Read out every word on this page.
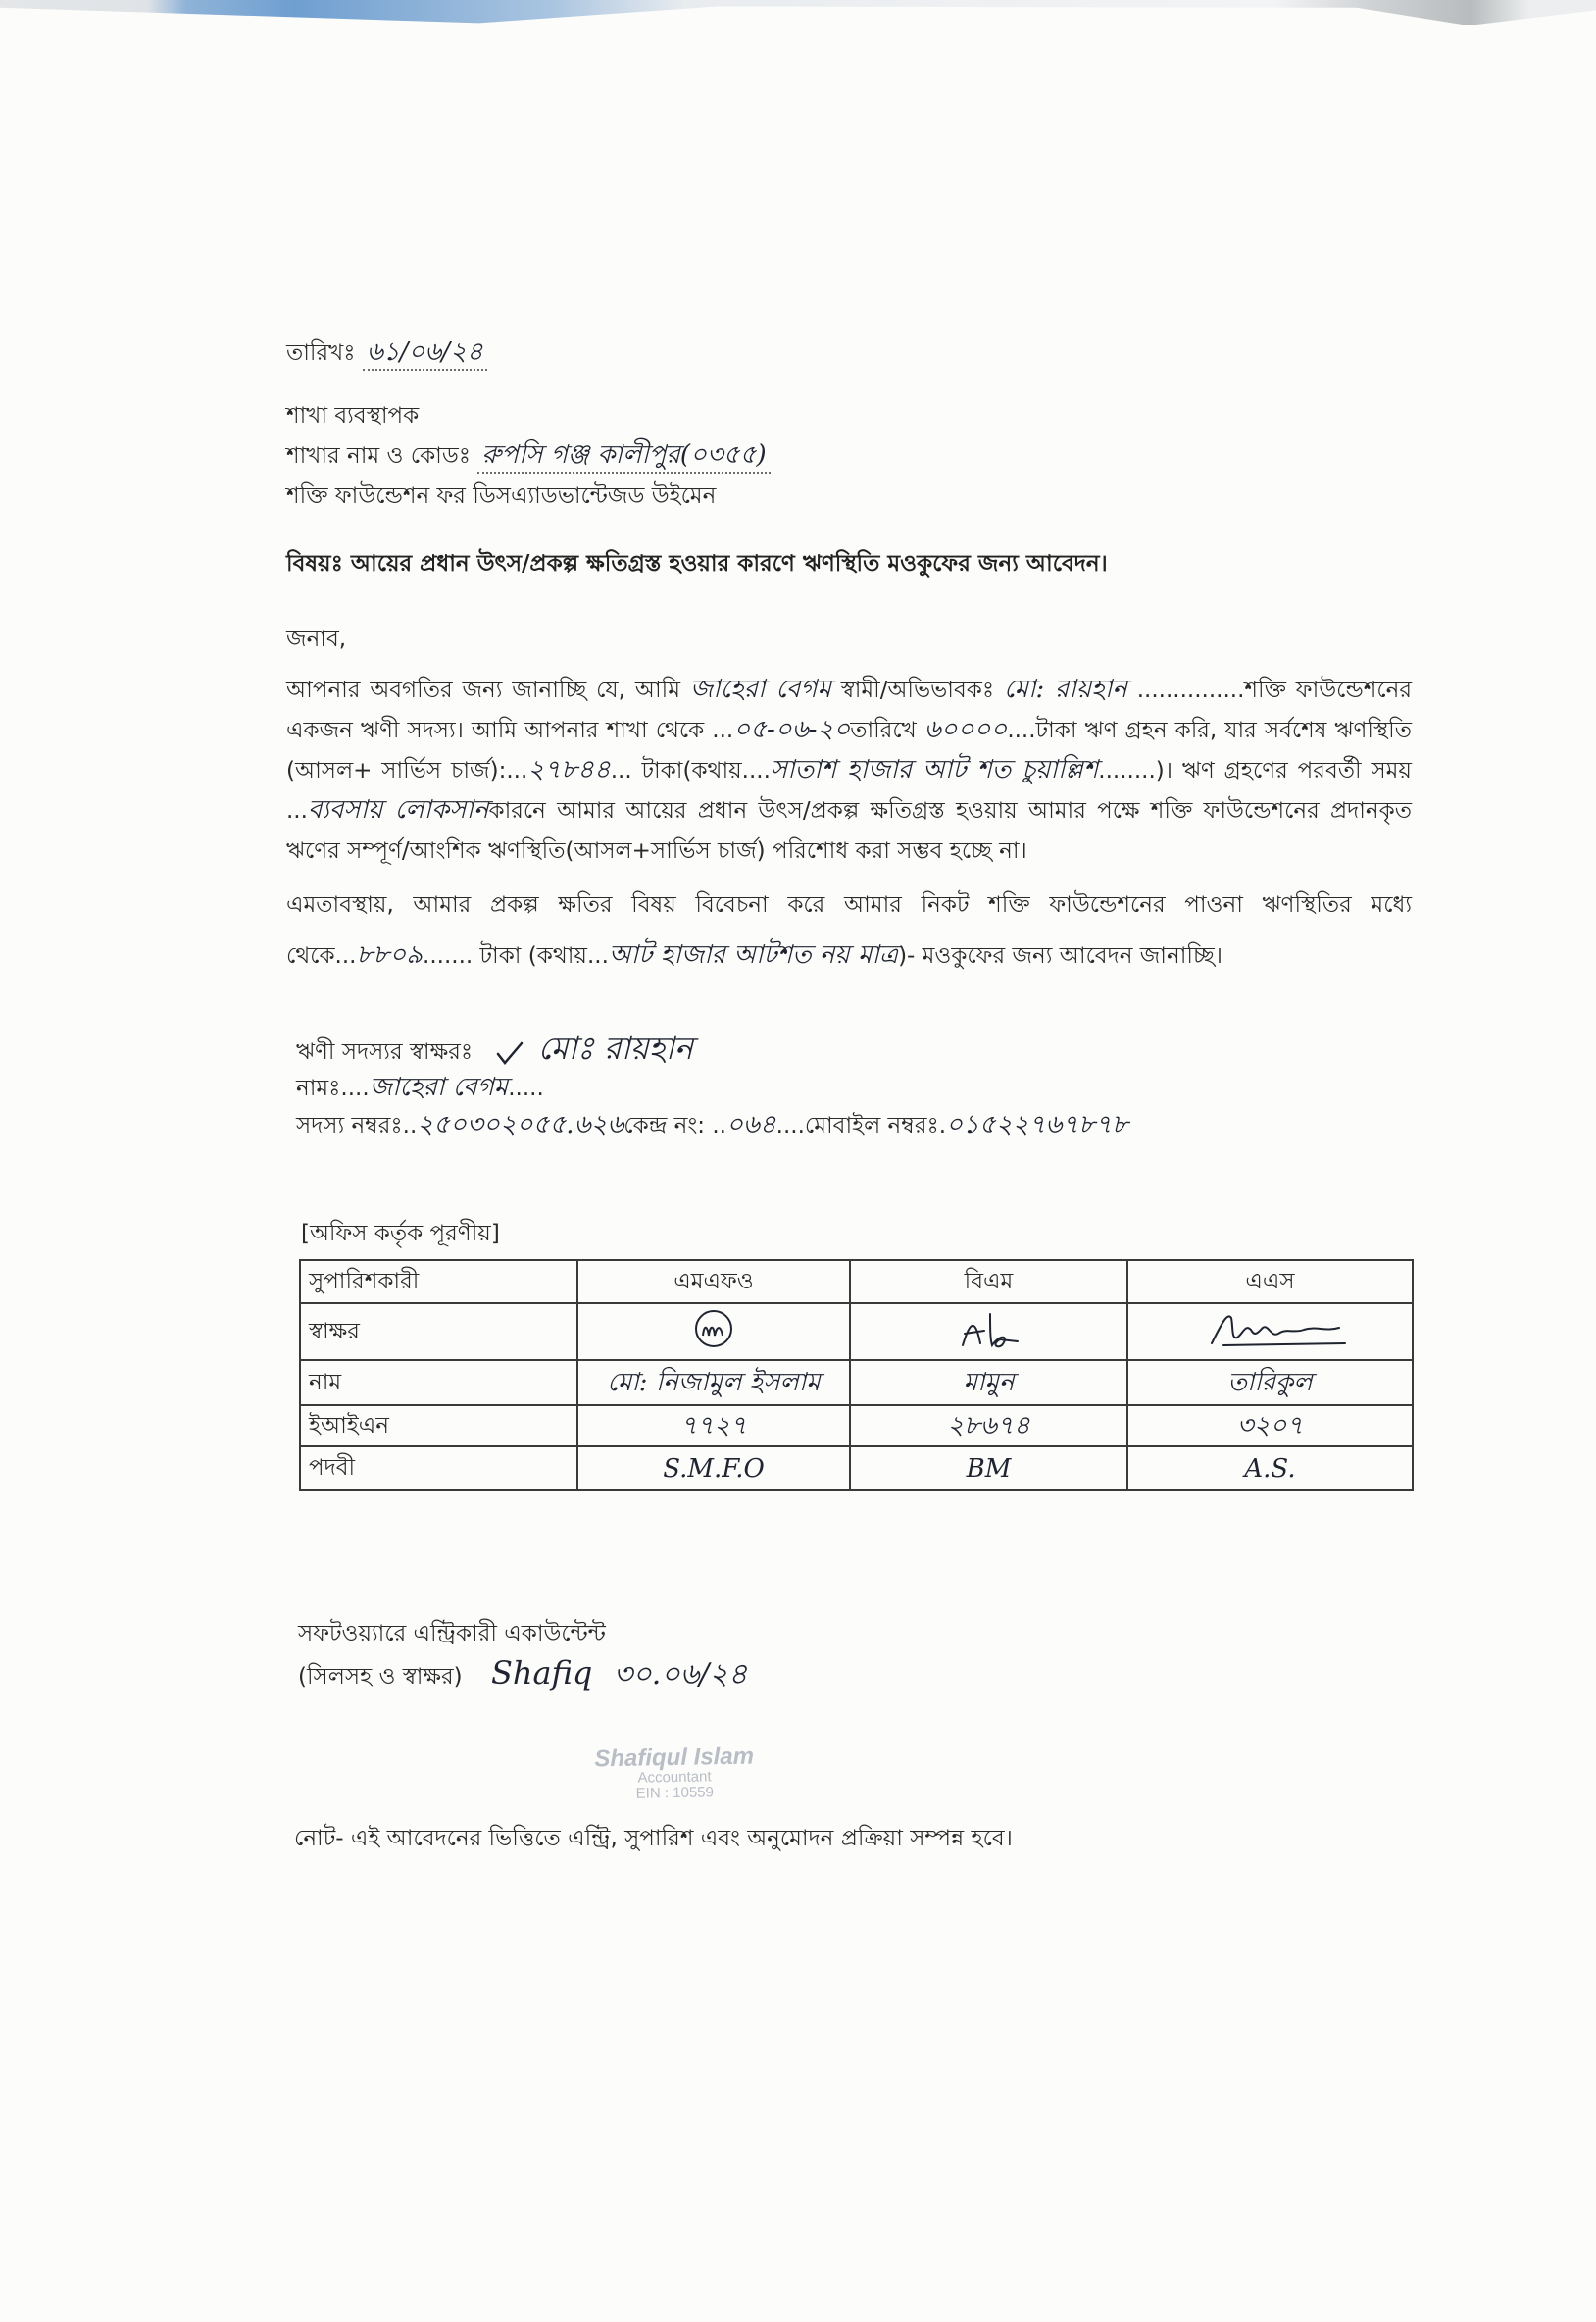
তারিখঃ ৬১/০৬/২৪
শাখা ব্যবস্থাপক
শাখার নাম ও কোডঃ রুপসি গঞ্জ কালীপুর(০৩৫৫)
শক্তি ফাউন্ডেশন ফর ডিসএ্যাডভান্টেজড উইমেন
বিষয়ঃ আয়ের প্রধান উৎস/প্রকল্প ক্ষতিগ্রস্ত হওয়ার কারণে ঋণস্থিতি মওকুফের জন্য আবেদন।
জনাব,
আপনার অবগতির জন্য জানাচ্ছি যে, আমি জাহেরা বেগম স্বামী/অভিভাবকঃ মো: রায়হান ...............শক্তি ফাউন্ডেশনের একজন ঋণী সদস্য। আমি আপনার শাখা থেকে ...০৫-০৬-২০তারিখে ৬০০০০....টাকা ঋণ গ্রহন করি, যার সর্বশেষ ঋণস্থিতি (আসল+ সার্ভিস চার্জ):...২৭৮৪৪... টাকা(কথায়....সাতাশ হাজার আট শত চুয়াল্লিশ........)। ঋণ গ্রহণের পরবর্তী সময় ...ব্যবসায় লোকসানকারনে আমার আয়ের প্রধান উৎস/প্রকল্প ক্ষতিগ্রস্ত হওয়ায় আমার পক্ষে শক্তি ফাউন্ডেশনের প্রদানকৃত ঋণের সম্পূর্ণ/আংশিক ঋণস্থিতি(আসল+সার্ভিস চার্জ) পরিশোধ করা সম্ভব হচ্ছে না।
এমতাবস্থায়, আমার প্রকল্প ক্ষতির বিষয় বিবেচনা করে আমার নিকট শক্তি ফাউন্ডেশনের পাওনা ঋণস্থিতির মধ্যে থেকে...৮৮০৯....... টাকা (কথায়...আট হাজার আটশত নয় মাত্র)- মওকুফের জন্য আবেদন জানাচ্ছি।
ঋণী সদস্যর স্বাক্ষরঃ মোঃ রায়হান
নামঃ....জাহেরা বেগম.....
সদস্য নম্বরঃ..২৫০৩০২০৫৫.৬২৬কেন্দ্র নং: ..০৬৪....মোবাইল নম্বরঃ.০১৫২২৭৬৭৮৭৮
[অফিস কর্তৃক পূরণীয়]
সুপারিশকারী	এমএফও	বিএম	এএস
স্বাক্ষর			
নাম	মো: নিজামুল ইসলাম	মামুন	তারিকুল
ইআইএন	৭৭২৭	২৮৬৭৪	৩২০৭
পদবী	S.M.F.O	BM	A.S.
সফটওয়্যারে এন্ট্রিকারী একাউন্টেন্ট
(সিলসহ ও স্বাক্ষর) Shafiq ৩০.০৬/২৪
Shafiqul Islam
Accountant
EIN : 10559
নোট- এই আবেদনের ভিত্তিতে এন্ট্রি, সুপারিশ এবং অনুমোদন প্রক্রিয়া সম্পন্ন হবে।
